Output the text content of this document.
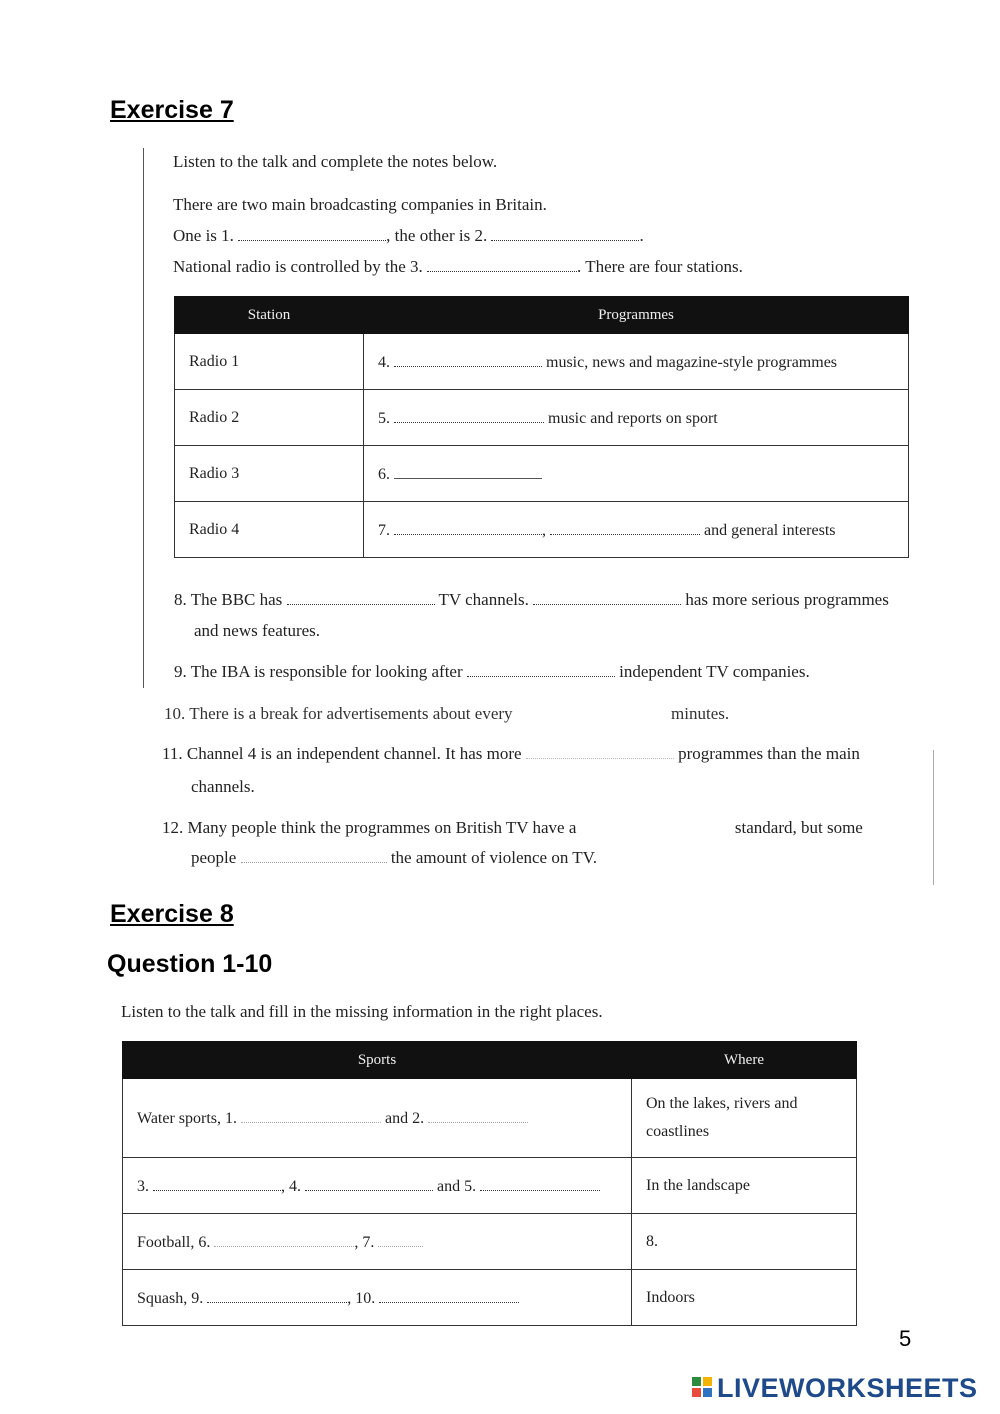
Exercise 7
Listen to the talk and complete the notes below.
There are two main broadcasting companies in Britain.
One is 1.	, the other is 2.	.
National radio is controlled by the 3.	. There are four stations.
Station	Programmes
Radio 1	4. music, news and magazine-style programmes
Radio 2	5. music and reports on sport
Radio 3	6.
Radio 4	7. , and general interests
8. The BBC has	TV channels.	has more serious programmes
and news features.
9. The IBA is responsible for looking after	independent TV companies.
10. There is a break for advertisements about every	minutes.
11. Channel 4 is an independent channel. It has more	programmes than the main
channels.
12. Many people think the programmes on British TV have a	standard, but some
people	the amount of violence on TV.
Exercise 8
Question 1-10
Listen to the talk and fill in the missing information in the right places.
Sports	Where
Water sports, 1. and 2.	On the lakes, rivers and
coastlines

3. , 4. and 5.	In the landscape
Football, 6. , 7.	8.
Squash, 9. , 10.	Indoors
5
LIVEWORKSHEETS
